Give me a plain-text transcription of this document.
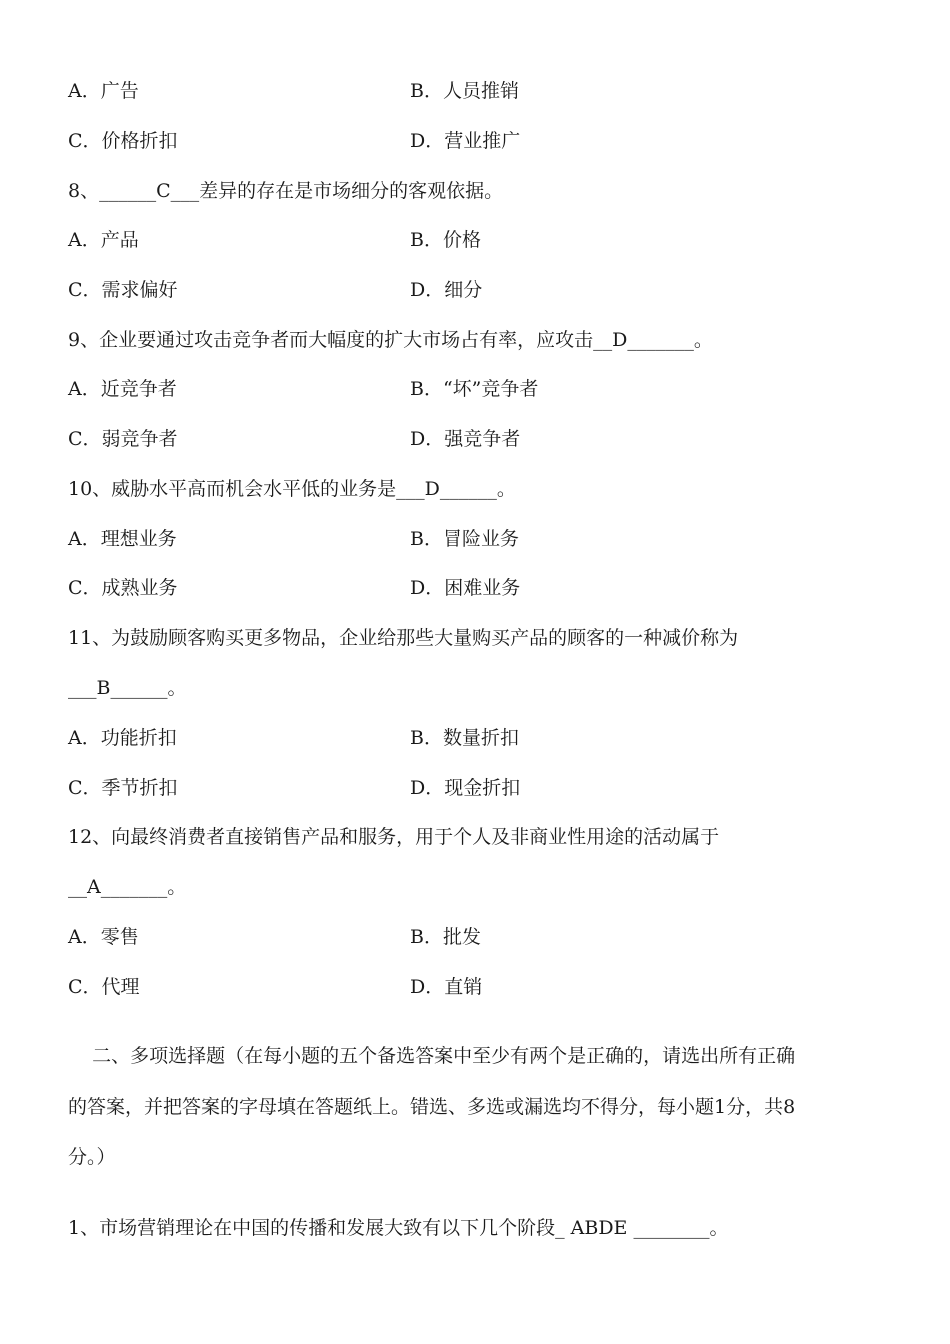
A．广告	B．人员推销
C．价格折扣	D．营业推广
8、______C___差异的存在是市场细分的客观依据。
A．产品	B．价格
C．需求偏好	D．细分
9、企业要通过攻击竞争者而大幅度的扩大市场占有率，应攻击__D_______。
A．近竞争者	B．“坏”竞争者
C．弱竞争者	D．强竞争者
10、威胁水平高而机会水平低的业务是___D______。
A．理想业务	B．冒险业务
C．成熟业务	D．困难业务
11、为鼓励顾客购买更多物品，企业给那些大量购买产品的顾客的一种减价称为
___B______。
A．功能折扣	B．数量折扣
C．季节折扣	D．现金折扣
12、向最终消费者直接销售产品和服务，用于个人及非商业性用途的活动属于
__A_______。
A．零售	B．批发
C．代理	D．直销
二、多项选择题（在每小题的五个备选答案中至少有两个是正确的，请选出所有正确
的答案，并把答案的字母填在答题纸上。错选、多选或漏选均不得分，每小题1分，共8
分。）
1、市场营销理论在中国的传播和发展大致有以下几个阶段_ ABDE ________。
